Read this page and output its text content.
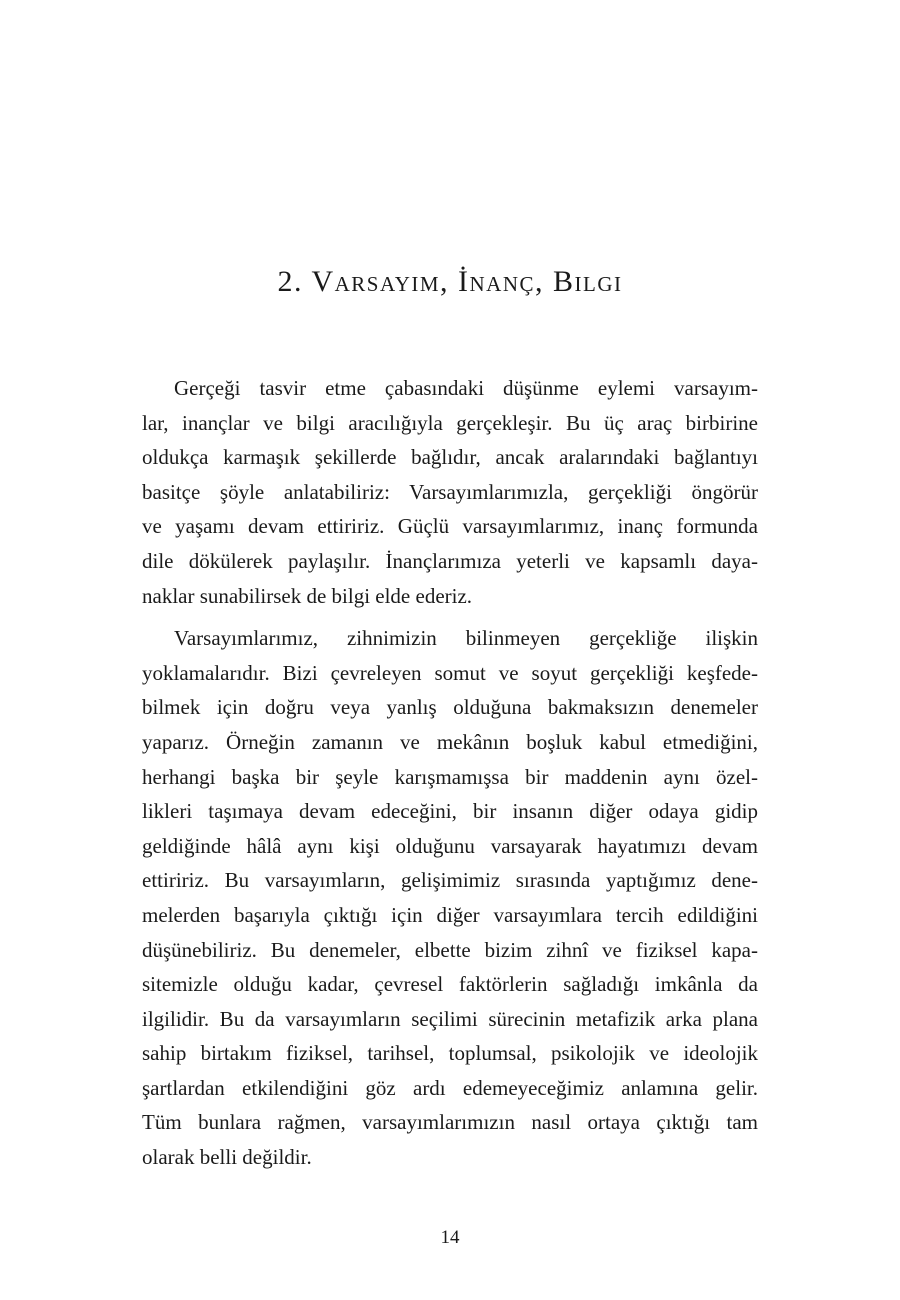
2. Varsayım, İnanç, Bilgi
Gerçeği tasvir etme çabasındaki düşünme eylemi varsayım-
lar, inançlar ve bilgi aracılığıyla gerçekleşir. Bu üç araç birbirine
oldukça karmaşık şekillerde bağlıdır, ancak aralarındaki bağlantıyı
basitçe şöyle anlatabiliriz: Varsayımlarımızla, gerçekliği öngörür
ve yaşamı devam ettiririz. Güçlü varsayımlarımız, inanç formunda
dile dökülerek paylaşılır. İnançlarımıza yeterli ve kapsamlı daya-
naklar sunabilirsek de bilgi elde ederiz.
Varsayımlarımız, zihnimizin bilinmeyen gerçekliğe ilişkin
yoklamalarıdır. Bizi çevreleyen somut ve soyut gerçekliği keşfede-
bilmek için doğru veya yanlış olduğuna bakmaksızın denemeler
yaparız. Örneğin zamanın ve mekânın boşluk kabul etmediğini,
herhangi başka bir şeyle karışmamışsa bir maddenin aynı özel-
likleri taşımaya devam edeceğini, bir insanın diğer odaya gidip
geldiğinde hâlâ aynı kişi olduğunu varsayarak hayatımızı devam
ettiririz. Bu varsayımların, gelişimimiz sırasında yaptığımız dene-
melerden başarıyla çıktığı için diğer varsayımlara tercih edildiğini
düşünebiliriz. Bu denemeler, elbette bizim zihnî ve fiziksel kapa-
sitemizle olduğu kadar, çevresel faktörlerin sağladığı imkânla da
ilgilidir. Bu da varsayımların seçilimi sürecinin metafizik arka plana
sahip birtakım fiziksel, tarihsel, toplumsal, psikolojik ve ideolojik
şartlardan etkilendiğini göz ardı edemeyeceğimiz anlamına gelir.
Tüm bunlara rağmen, varsayımlarımızın nasıl ortaya çıktığı tam
olarak belli değildir.
14
